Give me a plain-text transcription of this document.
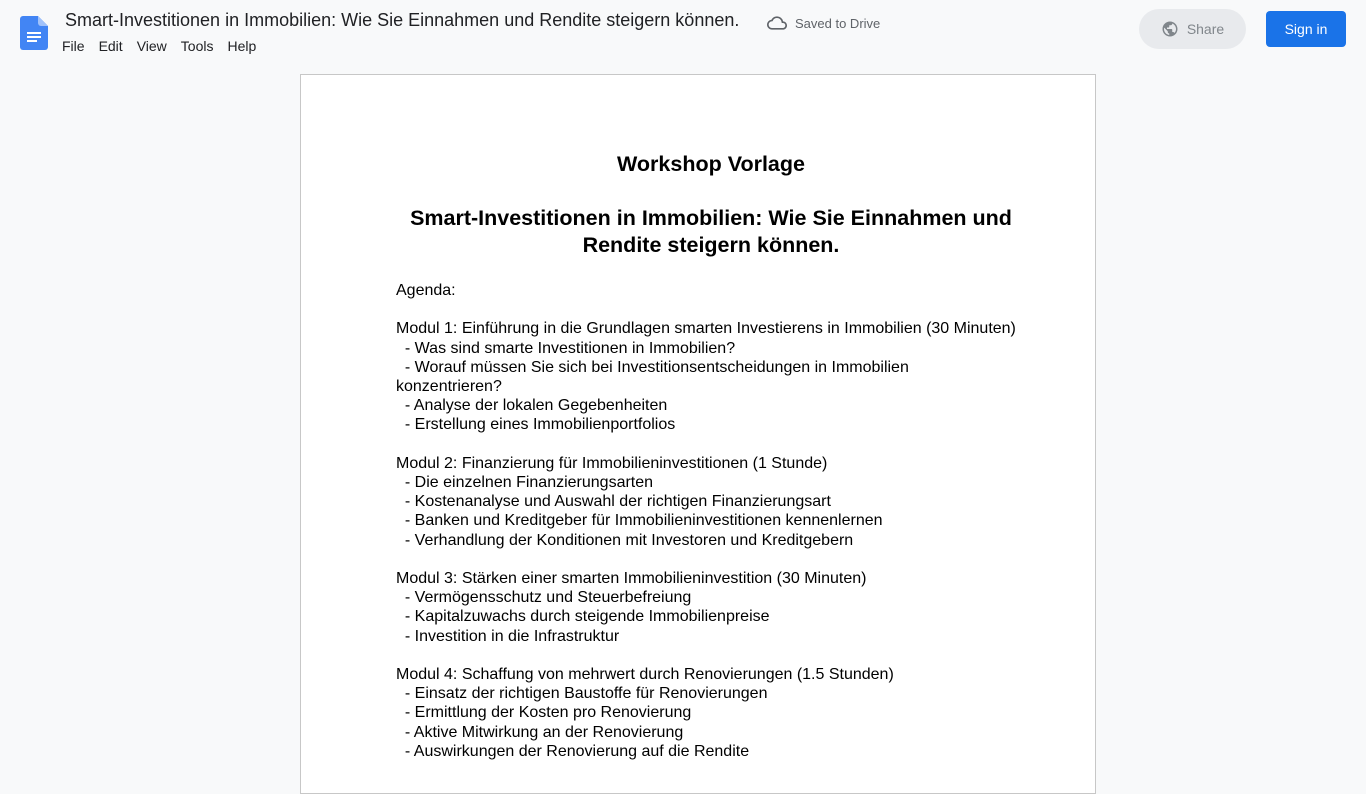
Smart-Investitionen in Immobilien: Wie Sie Einnahmen und Rendite steigern können.	Saved to Drive
File	Edit	View	Tools	Help
Share	Sign in
Workshop Vorlage
Smart-Investitionen in Immobilien: Wie Sie Einnahmen und
Rendite steigern können.
Agenda:
Modul 1: Einführung in die Grundlagen smarten Investierens in Immobilien (30 Minuten)
- Was sind smarte Investitionen in Immobilien?
- Worauf müssen Sie sich bei Investitionsentscheidungen in Immobilien
konzentrieren?
- Analyse der lokalen Gegebenheiten
- Erstellung eines Immobilienportfolios
Modul 2: Finanzierung für Immobilieninvestitionen (1 Stunde)
- Die einzelnen Finanzierungsarten
- Kostenanalyse und Auswahl der richtigen Finanzierungsart
- Banken und Kreditgeber für Immobilieninvestitionen kennenlernen
- Verhandlung der Konditionen mit Investoren und Kreditgebern
Modul 3: Stärken einer smarten Immobilieninvestition (30 Minuten)
- Vermögensschutz und Steuerbefreiung
- Kapitalzuwachs durch steigende Immobilienpreise
- Investition in die Infrastruktur
Modul 4: Schaffung von mehrwert durch Renovierungen (1.5 Stunden)
- Einsatz der richtigen Baustoffe für Renovierungen
- Ermittlung der Kosten pro Renovierung
- Aktive Mitwirkung an der Renovierung
- Auswirkungen der Renovierung auf die Rendite
